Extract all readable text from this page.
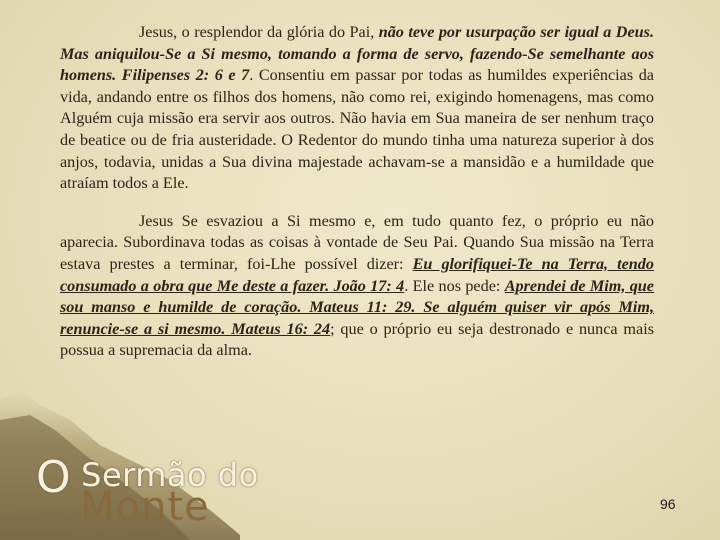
Jesus, o resplendor da glória do Pai, não teve por usurpação ser igual a Deus. Mas aniquilou-Se a Si mesmo, tomando a forma de servo, fazendo-Se semelhante aos homens. Filipenses 2: 6 e 7. Consentiu em passar por todas as humildes experiências da vida, andando entre os filhos dos homens, não como rei, exigindo homenagens, mas como Alguém cuja missão era servir aos outros. Não havia em Sua maneira de ser nenhum traço de beatice ou de fria austeridade. O Redentor do mundo tinha uma natureza superior à dos anjos, todavia, unidas a Sua divina majestade achavam-se a mansidão e a humildade que atraíam todos a Ele.

Jesus Se esvaziou a Si mesmo e, em tudo quanto fez, o próprio eu não aparecia. Subordinava todas as coisas à vontade de Seu Pai. Quando Sua missão na Terra estava prestes a terminar, foi-Lhe possível dizer: Eu glorifiquei-Te na Terra, tendo consumado a obra que Me deste a fazer. João 17: 4. Ele nos pede: Aprendei de Mim, que sou manso e humilde de coração. Mateus 11: 29. Se alguém quiser vir após Mim, renuncie-se a si mesmo. Mateus 16: 24; que o próprio eu seja destronado e nunca mais possua a supremacia da alma.

O Sermão do
Monte	96
